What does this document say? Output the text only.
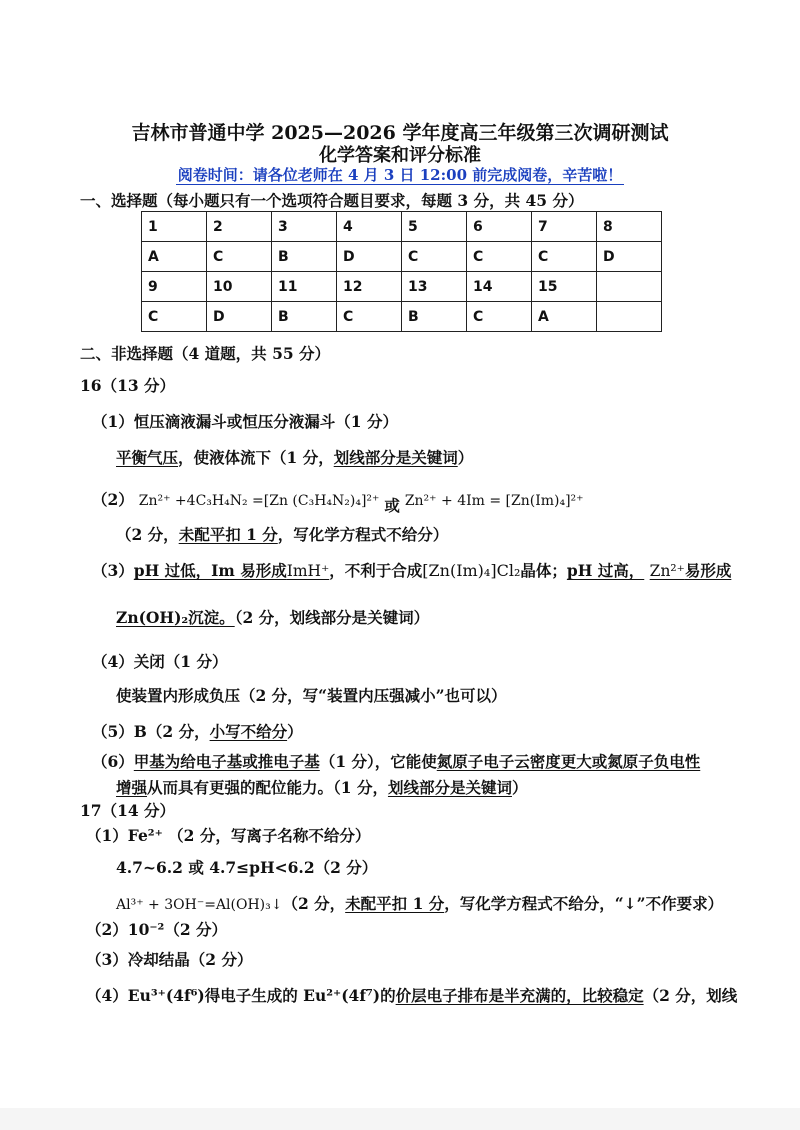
吉林市普通中学 2025—2026 学年度高三年级第三次调研测试
化学答案和评分标准
阅卷时间：请各位老师在 4 月 3 日 12:00 前完成阅卷，辛苦啦！
一、选择题（每小题只有一个选项符合题目要求，每题 3 分，共 45 分）
1	2	3	4	5	6	7	8
A	C	B	D	C	C	C	D
9	10	11	12	13	14	15	
C	D	B	C	B	C	A	
二、非选择题（4 道题，共 55 分）
16（13 分）
（1）恒压滴液漏斗或恒压分液漏斗（1 分）
平衡气压，使液体流下（1 分，划线部分是关键词）
（2） Zn²⁺ +4C₃H₄N₂ =[Zn (C₃H₄N₂)₄]²⁺ 或 Zn²⁺ + 4Im = [Zn(Im)₄]²⁺
（2 分，未配平扣 1 分，写化学方程式不给分）
（3）pH 过低，Im 易形成ImH⁺，不利于合成[Zn(Im)₄]Cl₂晶体；pH 过高， Zn²⁺易形成
Zn(OH)₂沉淀。（2 分，划线部分是关键词）
（4）关闭（1 分）
使装置内形成负压（2 分，写“装置内压强减小”也可以）
（5）B（2 分，小写不给分）
（6）甲基为给电子基或推电子基（1 分），它能使氮原子电子云密度更大或氮原子负电性
增强从而具有更强的配位能力。（1 分，划线部分是关键词）
17（14 分）
（1）Fe²⁺ （2 分，写离子名称不给分）
4.7~6.2 或 4.7≤pH<6.2（2 分）
Al³⁺ + 3OH⁻=Al(OH)₃↓（2 分，未配平扣 1 分，写化学方程式不给分，“↓”不作要求）
（2）10⁻²（2 分）
（3）冷却结晶（2 分）
（4）Eu³⁺(4f⁶)得电子生成的 Eu²⁺(4f⁷)的价层电子排布是半充满的，比较稳定（2 分，划线
